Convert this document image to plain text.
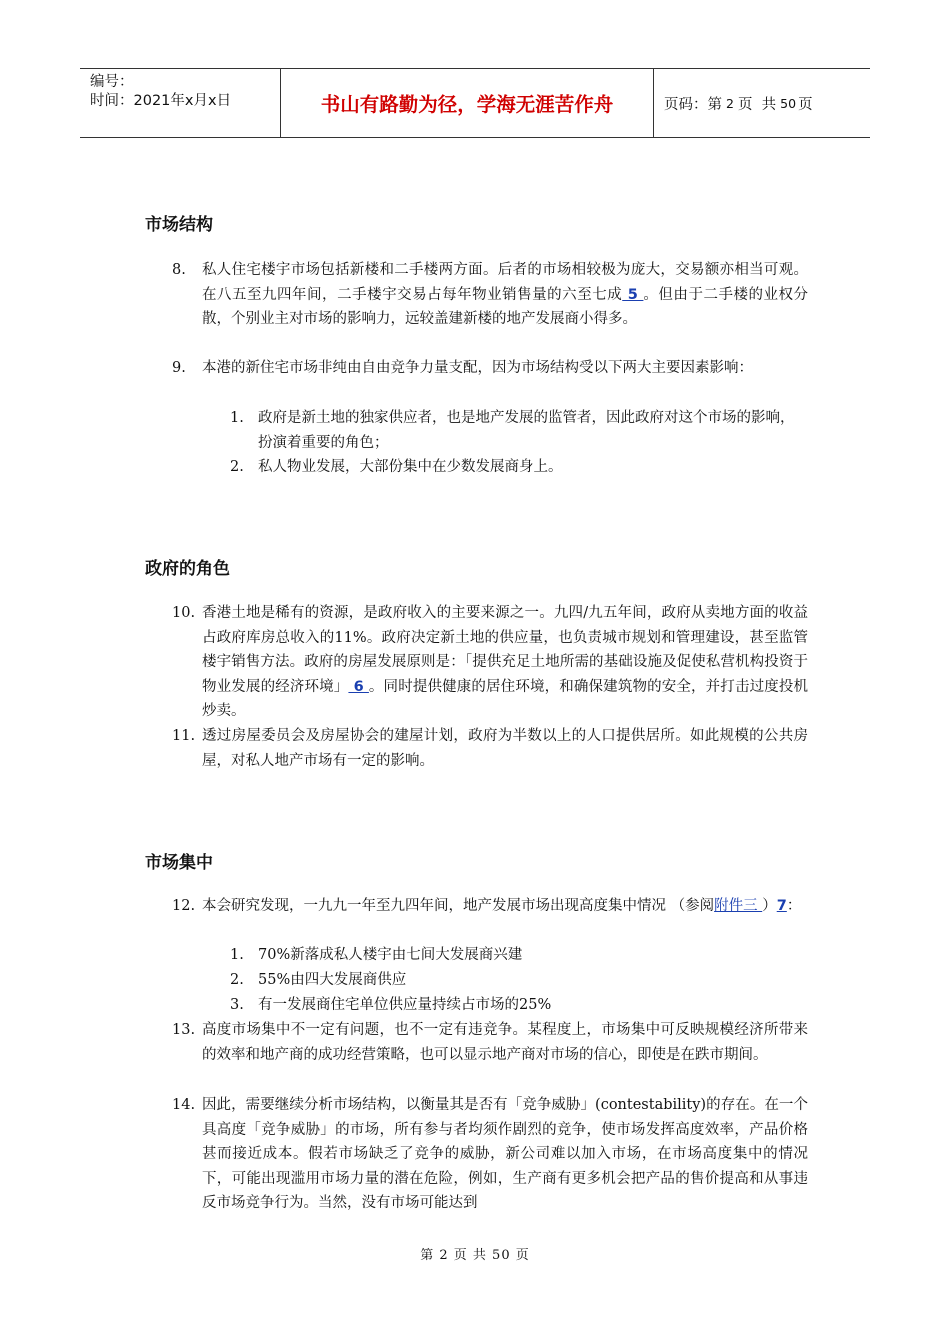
编号：
时间：2021年x月x日	书山有路勤为径，学海无涯苦作舟	页码：第 2 页  共 50 页
市场结构
8. 私人住宅楼宇市场包括新楼和二手楼两方面。后者的市场相较极为庞大，交易额亦相当可观。在八五至九四年间，二手楼宇交易占每年物业销售量的六至七成 5 。但由于二手楼的业权分散，个别业主对市场的影响力，远较盖建新楼的地产发展商小得多。
9. 本港的新住宅市场非纯由自由竞争力量支配，因为市场结构受以下两大主要因素影响：
1. 政府是新土地的独家供应者，也是地产发展的监管者，因此政府对这个市场的影响，扮演着重要的角色；
2. 私人物业发展，大部份集中在少数发展商身上。
政府的角色
10. 香港土地是稀有的资源，是政府收入的主要来源之一。九四/九五年间，政府从卖地方面的收益占政府库房总收入的11%。政府决定新土地的供应量，也负责城市规划和管理建设，甚至监管楼宇销售方法。政府的房屋发展原则是：「提供充足土地所需的基础设施及促使私营机构投资于物业发展的经济环境」 6 。同时提供健康的居住环境，和确保建筑物的安全，并打击过度投机炒卖。
11. 透过房屋委员会及房屋协会的建屋计划，政府为半数以上的人口提供居所。如此规模的公共房屋，对私人地产市场有一定的影响。
市场集中
12. 本会研究发现，一九九一年至九四年间，地产发展市场出现高度集中情况 （参阅附件三 ）7：
1. 70%新落成私人楼宇由七间大发展商兴建
2. 55%由四大发展商供应
3. 有一发展商住宅单位供应量持续占市场的25%
13. 高度市场集中不一定有问题，也不一定有违竞争。某程度上，市场集中可反映规模经济所带来的效率和地产商的成功经营策略，也可以显示地产商对市场的信心，即使是在跌市期间。
14. 因此，需要继续分析市场结构，以衡量其是否有「竞争威胁」(contestability)的存在。在一个具高度「竞争威胁」的市场，所有参与者均须作剧烈的竞争，使市场发挥高度效率，产品价格甚而接近成本。假若市场缺乏了竞争的威胁，新公司难以加入市场，在市场高度集中的情况下，可能出现滥用市场力量的潜在危险，例如，生产商有更多机会把产品的售价提高和从事违反市场竞争行为。当然，没有市场可能达到
第 2 页 共 50 页
